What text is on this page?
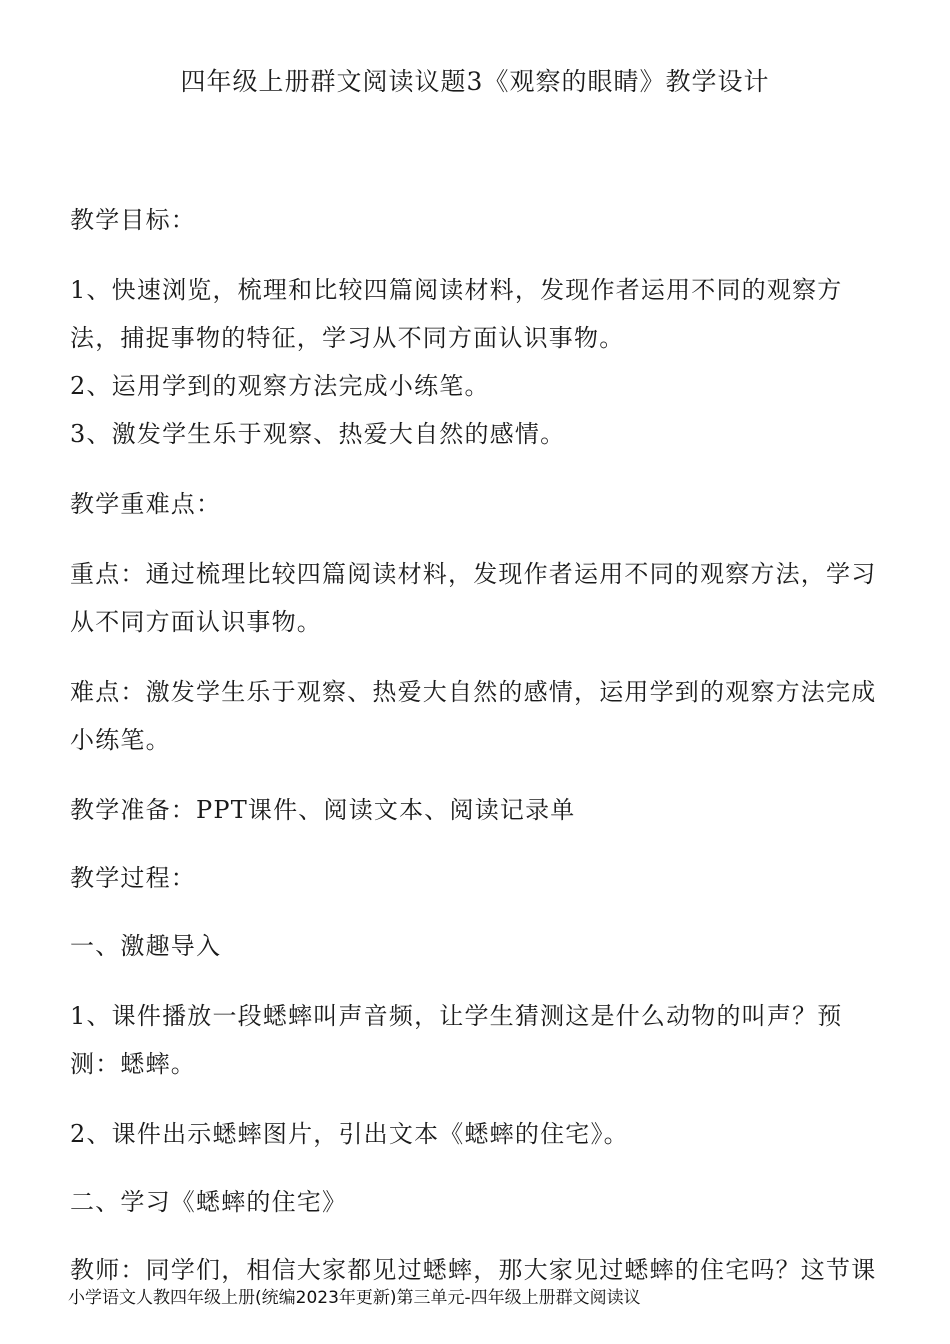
四年级上册群文阅读议题3《观察的眼睛》教学设计

教学目标：

1、快速浏览，梳理和比较四篇阅读材料，发现作者运用不同的观察方法，捕捉事物的特征，学习从不同方面认识事物。

2、运用学到的观察方法完成小练笔。

3、激发学生乐于观察、热爱大自然的感情。

教学重难点：

重点：通过梳理比较四篇阅读材料，发现作者运用不同的观察方法，学习从不同方面认识事物。

难点：激发学生乐于观察、热爱大自然的感情，运用学到的观察方法完成小练笔。

教学准备：PPT课件、阅读文本、阅读记录单

教学过程：

一、激趣导入

1、课件播放一段蟋蟀叫声音频，让学生猜测这是什么动物的叫声？预测：蟋蟀。

2、课件出示蟋蟀图片，引出文本《蟋蟀的住宅》。

二、学习《蟋蟀的住宅》

教师：同学们，相信大家都见过蟋蟀，那大家见过蟋蟀的住宅吗？这节课

小学语文人教四年级上册(统编2023年更新)第三单元-四年级上册群文阅读议
